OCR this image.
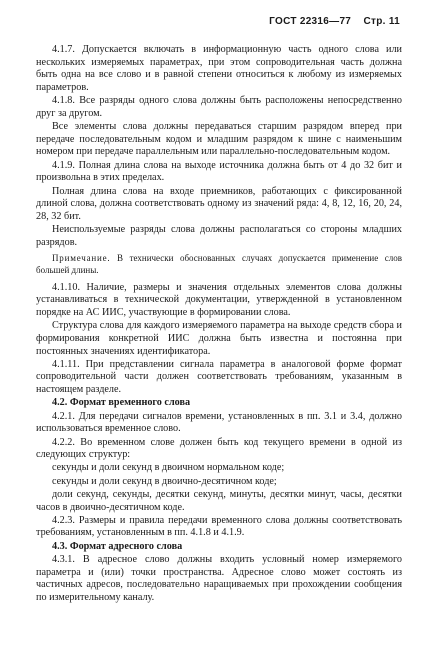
ГОСТ 22316—77 Стр. 11

4.1.7. Допускается включать в информационную часть одного слова или нескольких измеряемых параметрах, при этом сопроводительная часть должна быть одна на все слово и в равной степени относиться к любому из измеряемых параметров.

4.1.8. Все разряды одного слова должны быть расположены непосредственно друг за другом.

Все элементы слова должны передаваться старшим разрядом вперед при передаче последовательным кодом и младшим разрядом к шине с наименьшим номером при передаче параллельным или параллельно-последовательным кодом.

4.1.9. Полная длина слова на выходе источника должна быть от 4 до 32 бит и произвольна в этих пределах.

Полная длина слова на входе приемников, работающих с фиксированной длиной слова, должна соответствовать одному из значений ряда: 4, 8, 12, 16, 20, 24, 28, 32 бит.

Неиспользуемые разряды слова должны располагаться со стороны младших разрядов.

Примечание. В технически обоснованных случаях допускается применение слов большей длины.

4.1.10. Наличие, размеры и значения отдельных элементов слова должны устанавливаться в технической документации, утвержденной в установленном порядке на АС ИИС, участвующие в формировании слова.

Структура слова для каждого измеряемого параметра на выходе средств сбора и формирования конкретной ИИС должна быть известна и постоянна при постоянных значениях идентификатора.

4.1.11. При представлении сигнала параметра в аналоговой форме формат сопроводительной части должен соответствовать требованиям, указанным в настоящем разделе.

4.2. Формат временного слова

4.2.1. Для передачи сигналов времени, установленных в пп. 3.1 и 3.4, должно использоваться временное слово.

4.2.2. Во временном слове должен быть код текущего времени в одной из следующих структур:

секунды и доли секунд в двоичном нормальном коде;

секунды и доли секунд в двоично-десятичном коде;

доли секунд, секунды, десятки секунд, минуты, десятки минут, часы, десятки часов в двоично-десятичном коде.

4.2.3. Размеры и правила передачи временного слова должны соответствовать требованиям, установленным в пп. 4.1.8 и 4.1.9.

4.3. Формат адресного слова

4.3.1. В адресное слово должны входить условный номер измеряемого параметра и (или) точки пространства. Адресное слово может состоять из частичных адресов, последовательно наращиваемых при прохождении сообщения по измерительному каналу.
